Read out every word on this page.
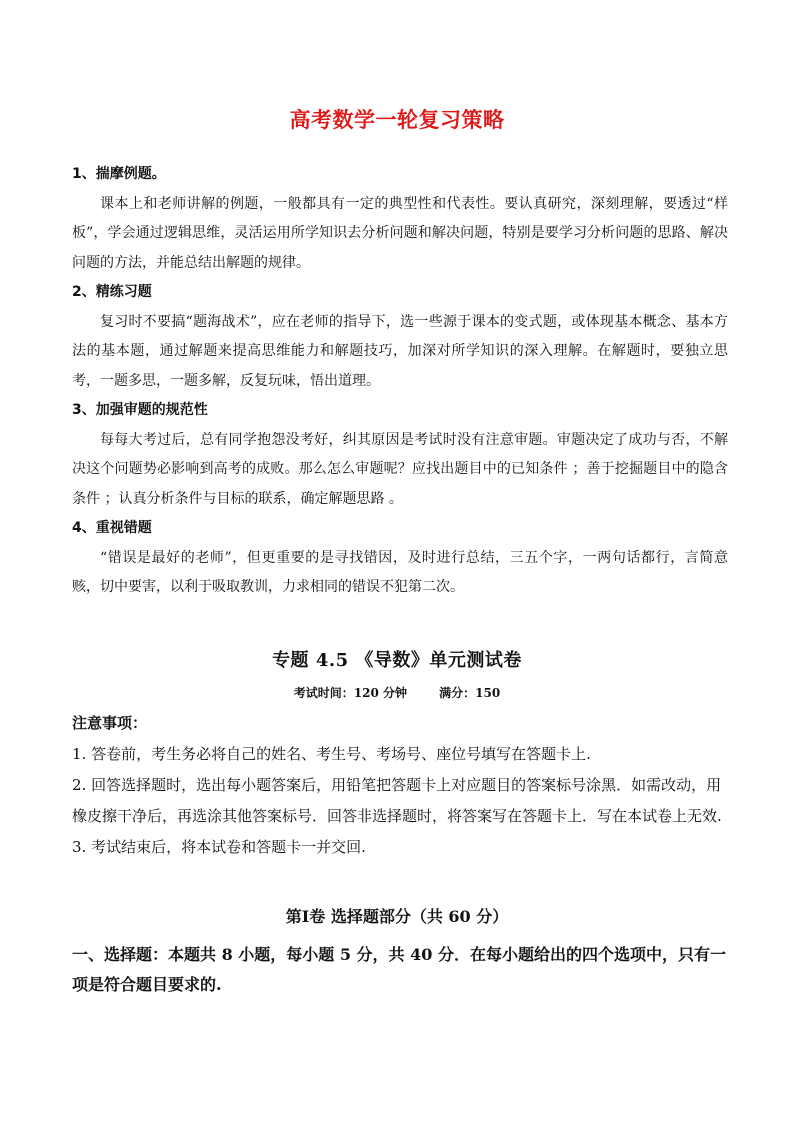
高考数学一轮复习策略
1、揣摩例题。
课本上和老师讲解的例题，一般都具有一定的典型性和代表性。要认真研究，深刻理解，要透过“样板”，学会通过逻辑思维，灵活运用所学知识去分析问题和解决问题，特别是要学习分析问题的思路、解决问题的方法，并能总结出解题的规律。
2、精练习题
复习时不要搞“题海战术”，应在老师的指导下，选一些源于课本的变式题，或体现基本概念、基本方法的基本题，通过解题来提高思维能力和解题技巧，加深对所学知识的深入理解。在解题时，要独立思考，一题多思，一题多解，反复玩味，悟出道理。
3、加强审题的规范性
每每大考过后，总有同学抱怨没考好，纠其原因是考试时没有注意审题。审题决定了成功与否，不解决这个问题势必影响到高考的成败。那么怎么审题呢？应找出题目中的已知条件 ；善于挖掘题目中的隐含条件 ；认真分析条件与目标的联系，确定解题思路 。
4、重视错题
“错误是最好的老师”，但更重要的是寻找错因，及时进行总结，三五个字，一两句话都行，言简意赅，切中要害，以利于吸取教训，力求相同的错误不犯第二次。
专题 4.5 《导数》单元测试卷
考试时间：120 分钟	满分：150
注意事项：
1. 答卷前，考生务必将自己的姓名、考生号、考场号、座位号填写在答题卡上.
2. 回答选择题时，选出每小题答案后，用铅笔把答题卡上对应题目的答案标号涂黑．如需改动，用橡皮擦干净后，再选涂其他答案标号．回答非选择题时，将答案写在答题卡上．写在本试卷上无效.
3. 考试结束后，将本试卷和答题卡一并交回.
第Ⅰ卷 选择题部分（共 60 分）
一、选择题：本题共 8 小题，每小题 5 分，共 40 分．在每小题给出的四个选项中，只有一项是符合题目要求的.
